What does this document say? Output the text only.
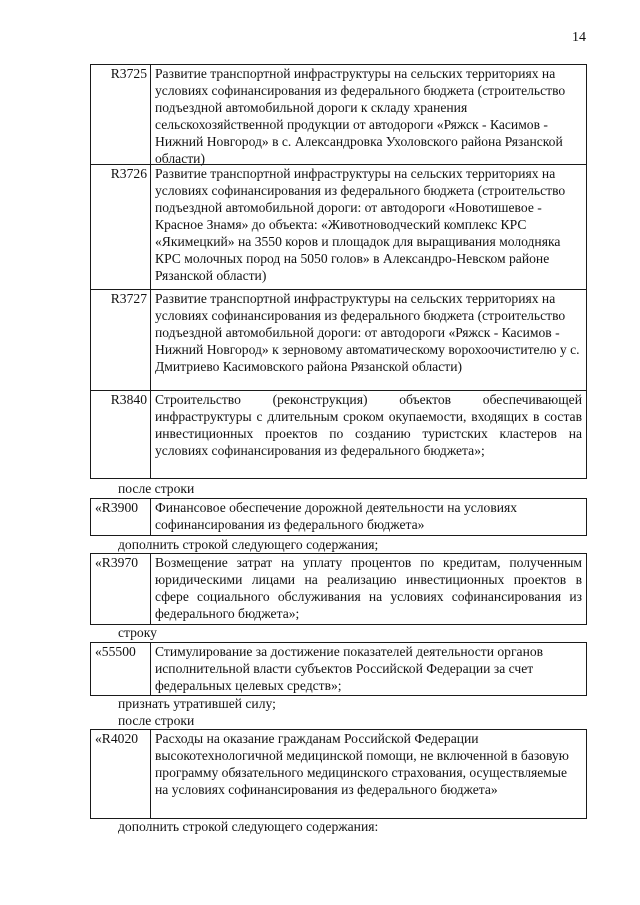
14
R3725 Развитие транспортной инфраструктуры на сельских территориях на условиях софинансирования из федерального бюджета (строительство подъездной автомобильной дороги к складу хранения сельскохозяйственной продукции от автодороги «Ряжск - Касимов - Нижний Новгород» в с. Александровка Ухоловского района Рязанской области)
R3726 Развитие транспортной инфраструктуры на сельских территориях на условиях софинансирования из федерального бюджета (строительство подъездной автомобильной дороги: от автодороги «Новотишевое - Красное Знамя» до объекта: «Животноводческий комплекс КРС «Якимецкий» на 3550 коров и площадок для выращивания молодняка КРС молочных пород на 5050 голов» в Александро-Невском районе Рязанской области)
R3727 Развитие транспортной инфраструктуры на сельских территориях на условиях софинансирования из федерального бюджета (строительство подъездной автомобильной дороги: от автодороги «Ряжск - Касимов - Нижний Новгород» к зерновому автоматическому ворохоочистителю у с. Дмитриево Касимовского района Рязанской области)
R3840 Строительство (реконструкция) объектов обеспечивающей инфраструктуры с длительным сроком окупаемости, входящих в состав инвестиционных проектов по созданию туристских кластеров на условиях софинансирования из федерального бюджета»;
после строки
«R3900	Финансовое обеспечение дорожной деятельности на условиях софинансирования из федерального бюджета»
дополнить строкой следующего содержания;
«R3970	Возмещение затрат на уплату процентов по кредитам, полученным юридическими лицами на реализацию инвестиционных проектов в сфере социального обслуживания на условиях софинансирования из федерального бюджета»;
строку
«55500	Стимулирование за достижение показателей деятельности органов исполнительной власти субъектов Российской Федерации за счет федеральных целевых средств»;
признать утратившей силу;
после строки
«R4020	Расходы на оказание гражданам Российской Федерации высокотехнологичной медицинской помощи, не включенной в базовую программу обязательного медицинского страхования, осуществляемые на условиях софинансирования из федерального бюджета»
дополнить строкой следующего содержания:
